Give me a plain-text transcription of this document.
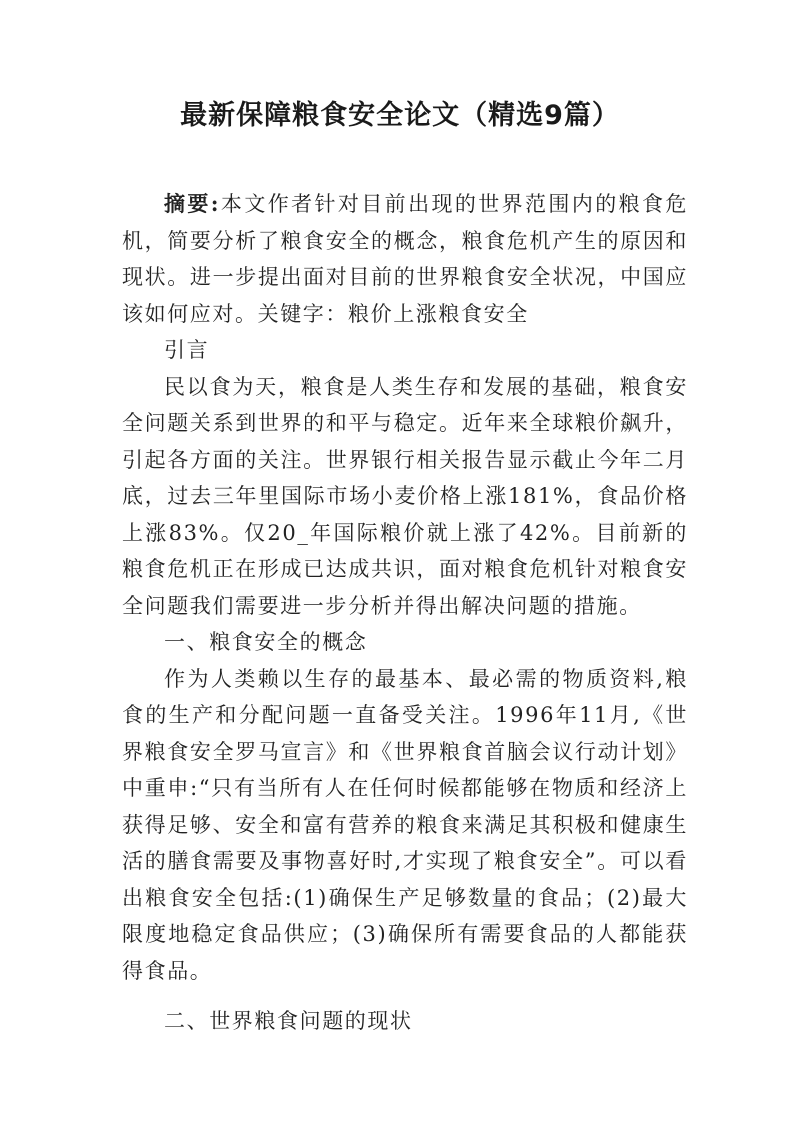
最新保障粮食安全论文（精选9篇）

摘要:本文作者针对目前出现的世界范围内的粮食危机，简要分析了粮食安全的概念，粮食危机产生的原因和现状。进一步提出面对目前的世界粮食安全状况，中国应该如何应对。关键字：粮价上涨粮食安全

引言

民以食为天，粮食是人类生存和发展的基础，粮食安全问题关系到世界的和平与稳定。近年来全球粮价飙升，引起各方面的关注。世界银行相关报告显示截止今年二月底，过去三年里国际市场小麦价格上涨181%，食品价格上涨83%。仅20_年国际粮价就上涨了42%。目前新的粮食危机正在形成已达成共识，面对粮食危机针对粮食安全问题我们需要进一步分析并得出解决问题的措施。

一、粮食安全的概念

作为人类赖以生存的最基本、最必需的物质资料,粮食的生产和分配问题一直备受关注。1996年11月,《世界粮食安全罗马宣言》和《世界粮食首脑会议行动计划》中重申:“只有当所有人在任何时候都能够在物质和经济上获得足够、安全和富有营养的粮食来满足其积极和健康生活的膳食需要及事物喜好时,才实现了粮食安全”。可以看出粮食安全包括:(1)确保生产足够数量的食品；(2)最大限度地稳定食品供应；(3)确保所有需要食品的人都能获得食品。

二、世界粮食问题的现状
